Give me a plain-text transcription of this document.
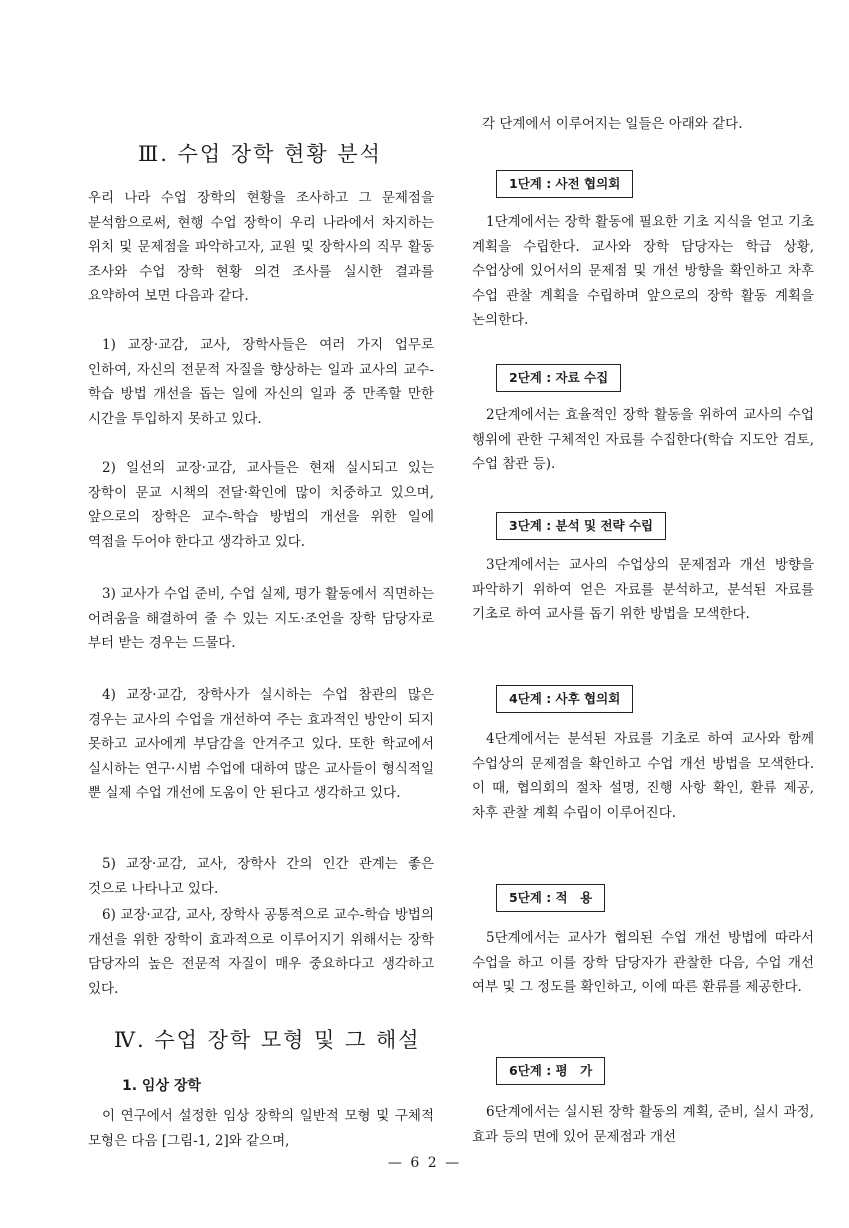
Ⅲ. 수업 장학 현황 분석

우리 나라 수업 장학의 현황을 조사하고 그 문제점을 분석함으로써, 현행 수업 장학이 우리 나라에서 차지하는 위치 및 문제점을 파악하고자, 교원 및 장학사의 직무 활동 조사와 수업 장학 현황 의견 조사를 실시한 결과를 요약하여 보면 다음과 같다.

1) 교장·교감, 교사, 장학사들은 여러 가지 업무로 인하여, 자신의 전문적 자질을 향상하는 일과 교사의 교수-학습 방법 개선을 돕는 일에 자신의 일과 중 만족할 만한 시간을 투입하지 못하고 있다.

2) 일선의 교장·교감, 교사들은 현재 실시되고 있는 장학이 문교 시책의 전달·확인에 많이 치중하고 있으며, 앞으로의 장학은 교수-학습 방법의 개선을 위한 일에 역점을 두어야 한다고 생각하고 있다.

3) 교사가 수업 준비, 수업 실제, 평가 활동에서 직면하는 어려움을 해결하여 줄 수 있는 지도·조언을 장학 담당자로 부터 받는 경우는 드물다.

4) 교장·교감, 장학사가 실시하는 수업 참관의 많은 경우는 교사의 수업을 개선하여 주는 효과적인 방안이 되지 못하고 교사에게 부담감을 안겨주고 있다. 또한 학교에서 실시하는 연구·시범 수업에 대하여 많은 교사들이 형식적일 뿐 실제 수업 개선에 도움이 안 된다고 생각하고 있다.

5) 교장·교감, 교사, 장학사 간의 인간 관계는 좋은 것으로 나타나고 있다.

6) 교장·교감, 교사, 장학사 공통적으로 교수-학습 방법의 개선을 위한 장학이 효과적으로 이루어지기 위해서는 장학 담당자의 높은 전문적 자질이 매우 중요하다고 생각하고 있다.

Ⅳ. 수업 장학 모형 및 그 해설
1. 임상 장학

이 연구에서 설정한 임상 장학의 일반적 모형 및 구체적 모형은 다음 [그림-1, 2]와 같으며,

각 단계에서 이루어지는 일들은 아래와 같다.

1단계 : 사전 협의회

1단계에서는 장학 활동에 필요한 기초 지식을 얻고 기초 계획을 수립한다. 교사와 장학 담당자는 학급 상황, 수업상에 있어서의 문제점 및 개선 방향을 확인하고 차후 수업 관찰 계획을 수립하며 앞으로의 장학 활동 계획을 논의한다.

2단계 : 자료 수집

2단계에서는 효율적인 장학 활동을 위하여 교사의 수업 행위에 관한 구체적인 자료를 수집한다(학습 지도안 검토, 수업 참관 등).

3단계 : 분석 및 전략 수립

3단계에서는 교사의 수업상의 문제점과 개선 방향을 파악하기 위하여 얻은 자료를 분석하고, 분석된 자료를 기초로 하여 교사를 돕기 위한 방법을 모색한다.

4단계 : 사후 협의회

4단계에서는 분석된 자료를 기초로 하여 교사와 함께 수업상의 문제점을 확인하고 수업 개선 방법을 모색한다. 이 때, 협의회의 절차 설명, 진행 사항 확인, 환류 제공, 차후 관찰 계획 수립이 이루어진다.

5단계 : 적　용

5단계에서는 교사가 협의된 수업 개선 방법에 따라서 수업을 하고 이를 장학 담당자가 관찰한 다음, 수업 개선 여부 및 그 정도를 확인하고, 이에 따른 환류를 제공한다.

6단계 : 평　가

6단계에서는 실시된 장학 활동의 계획, 준비, 실시 과정, 효과 등의 면에 있어 문제점과 개선

— 6 2 —
